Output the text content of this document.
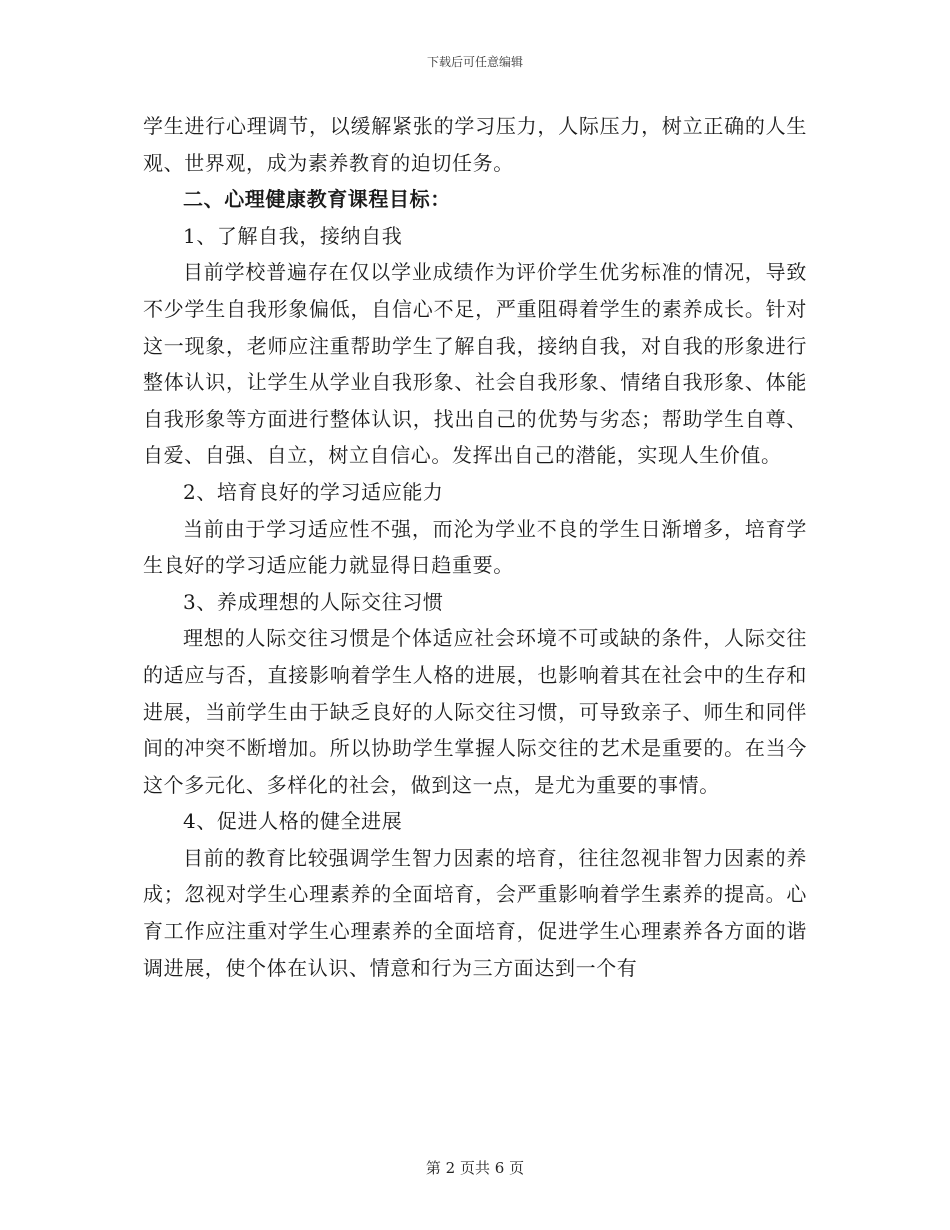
下载后可任意编辑

学生进行心理调节，以缓解紧张的学习压力，人际压力，树立正确的人生观、世界观，成为素养教育的迫切任务。

二、心理健康教育课程目标：

1、了解自我，接纳自我

目前学校普遍存在仅以学业成绩作为评价学生优劣标准的情况，导致不少学生自我形象偏低，自信心不足，严重阻碍着学生的素养成长。针对这一现象，老师应注重帮助学生了解自我，接纳自我，对自我的形象进行整体认识，让学生从学业自我形象、社会自我形象、情绪自我形象、体能自我形象等方面进行整体认识，找出自己的优势与劣态；帮助学生自尊、自爱、自强、自立，树立自信心。发挥出自己的潜能，实现人生价值。

2、培育良好的学习适应能力

当前由于学习适应性不强，而沦为学业不良的学生日渐增多，培育学生良好的学习适应能力就显得日趋重要。

3、养成理想的人际交往习惯

理想的人际交往习惯是个体适应社会环境不可或缺的条件，人际交往的适应与否，直接影响着学生人格的进展，也影响着其在社会中的生存和进展，当前学生由于缺乏良好的人际交往习惯，可导致亲子、师生和同伴间的冲突不断增加。所以协助学生掌握人际交往的艺术是重要的。在当今这个多元化、多样化的社会，做到这一点，是尤为重要的事情。

4、促进人格的健全进展

目前的教育比较强调学生智力因素的培育，往往忽视非智力因素的养成；忽视对学生心理素养的全面培育，会严重影响着学生素养的提高。心育工作应注重对学生心理素养的全面培育，促进学生心理素养各方面的谐调进展，使个体在认识、情意和行为三方面达到一个有

第 2 页共 6 页
